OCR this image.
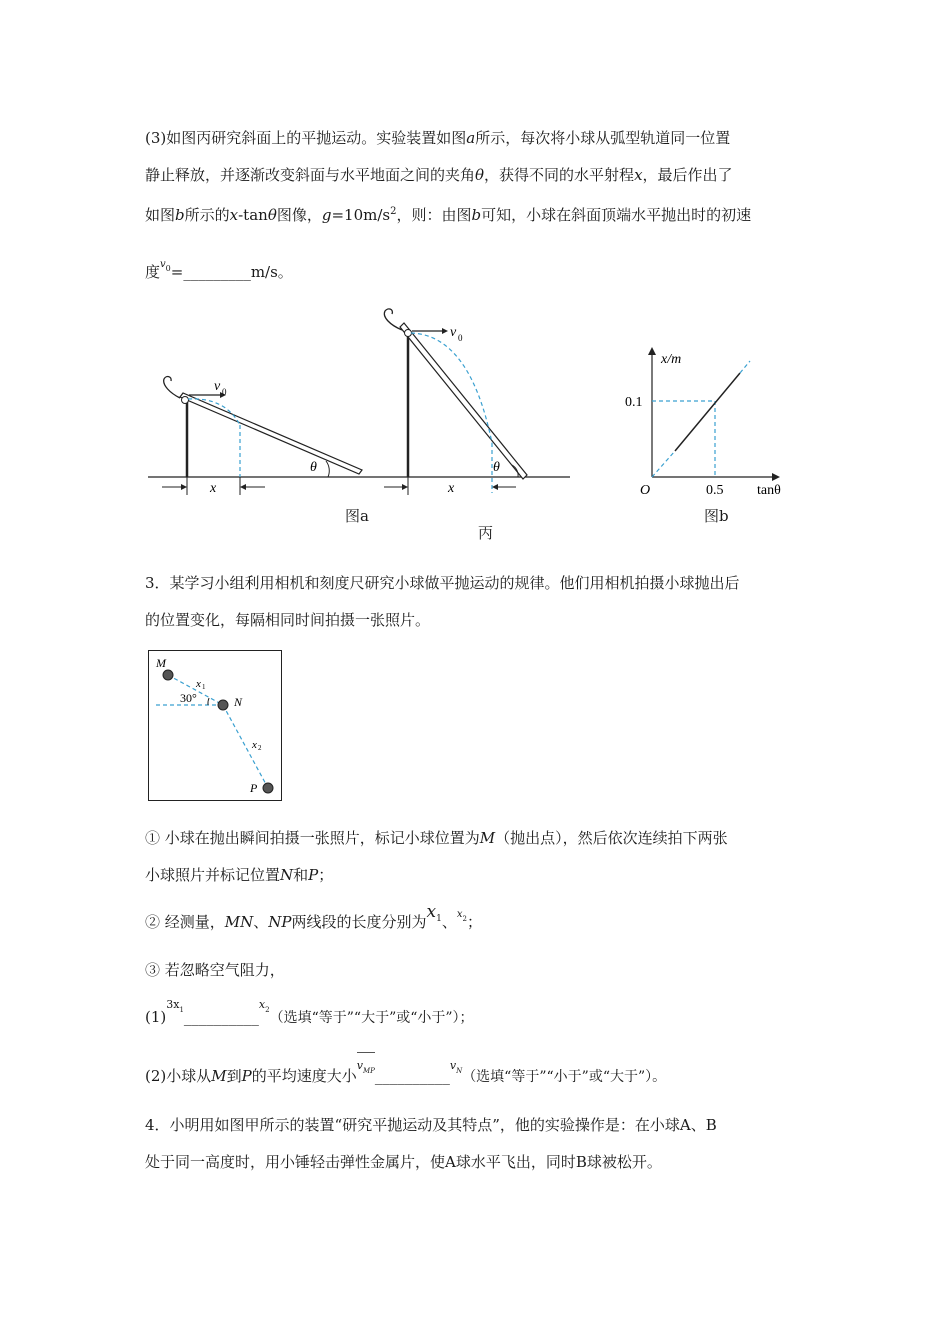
(3)如图丙研究斜面上的平抛运动。实验装置如图a所示，每次将小球从弧型轨道同一位置
静止释放，并逐渐改变斜面与水平地面之间的夹角θ，获得不同的水平射程x，最后作出了
如图b所示的x-tanθ图像，$g=10m/s^2$，则：由图b可知，小球在斜面顶端水平抛出时的初速
度$v_0=\_\_\_\_\_\_\_\_\_m/s$。
v 0
θ
x
v 0
θ
x
x/m
tanθ
O
0.1
0.5
图a	图b
丙
3．某学习小组利用相机和刻度尺研究小球做平抛运动的规律。他们用相机拍摄小球抛出后
的位置变化，每隔相同时间拍摄一张照片。
M
N
P
x 1
x 2
30°
① 小球在抛出瞬间拍摄一张照片，标记小球位置为M（抛出点），然后依次连续拍下两张
小球照片并标记位置N和P；
② 经测量，MN、NP两线段的长度分别为$x_1$、$x_2$；
③ 若忽略空气阻力，
$(1)3x_1\_\_\_\_\_\_\_\_\_\_x_2$（选填“等于”“大于”或“小于”）；
(2)小球从M到P的平均速度大小$v_{MP}\_\_\_\_\_\_\_\_\_\_v_N$（选填“等于”“小于”或“大于”）。
4．小明用如图甲所示的装置“研究平抛运动及其特点”，他的实验操作是：在小球A、B
处于同一高度时，用小锤轻击弹性金属片，使A球水平飞出，同时B球被松开。
